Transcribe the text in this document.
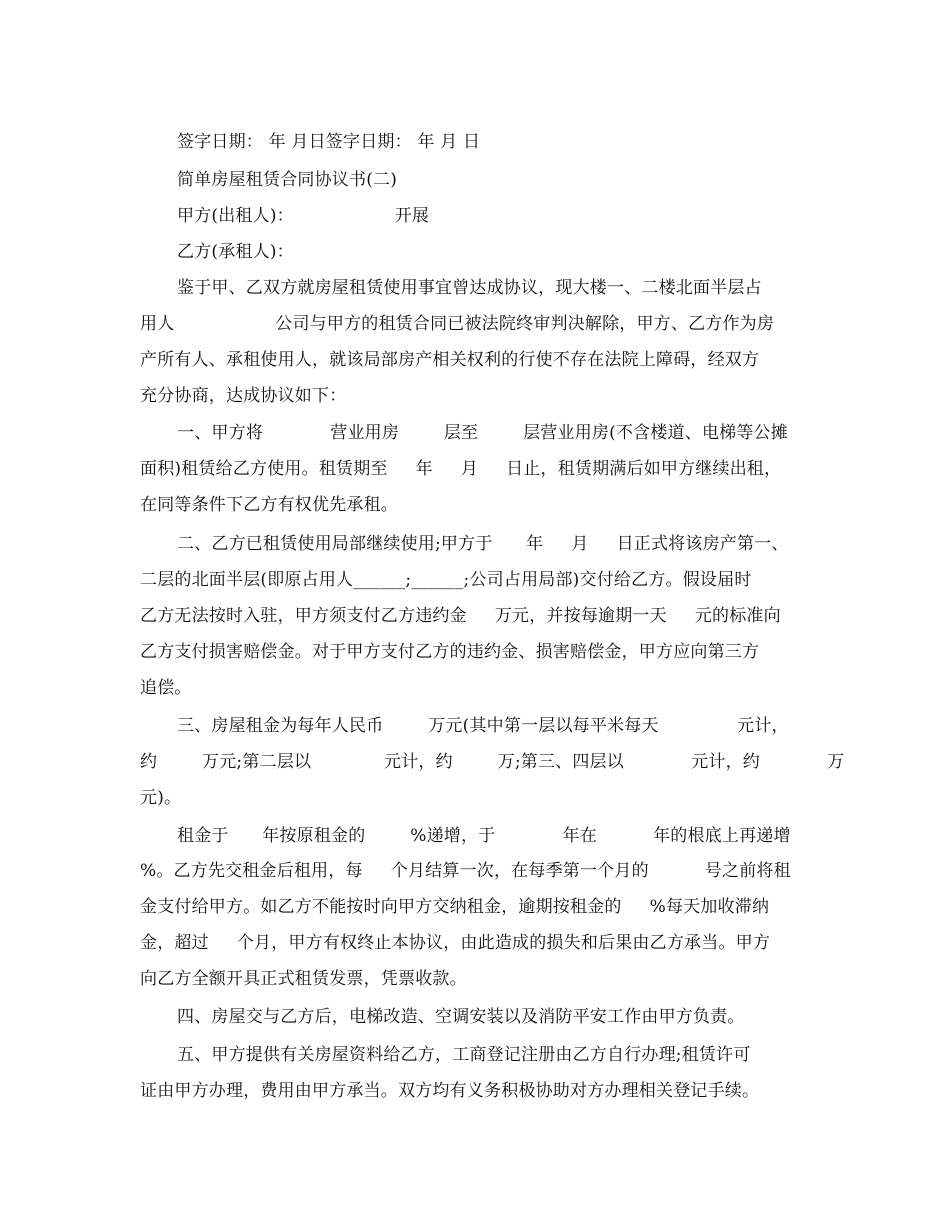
签字日期： 年 月日签字日期： 年 月 日
简单房屋租赁合同协议书(二)
甲方(出租人)：                  开展
乙方(承租人)：
鉴于甲、乙双方就房屋租赁使用事宜曾达成协议，现大楼一、二楼北面半层占
用人                  公司与甲方的租赁合同已被法院终审判决解除，甲方、乙方作为房
产所有人、承租使用人，就该局部房产相关权利的行使不存在法院上障碍，经双方
充分协商，达成协议如下：
一、甲方将            营业用房        层至        层营业用房(不含楼道、电梯等公摊
面积)租赁给乙方使用。租赁期至     年     月     日止，租赁期满后如甲方继续出租，
在同等条件下乙方有权优先承租。
二、乙方已租赁使用局部继续使用;甲方于      年     月     日正式将该房产第一、
二层的北面半层(即原占用人______;______;公司占用局部)交付给乙方。假设届时
乙方无法按时入驻，甲方须支付乙方违约金     万元，并按每逾期一天     元的标准向
乙方支付损害赔偿金。对于甲方支付乙方的违约金、损害赔偿金，甲方应向第三方
追偿。
三、房屋租金为每年人民币        万元(其中第一层以每平米每天              元计，
约        万元;第二层以             元计，约        万;第三、四层以            元计，约            万
元)。
租金于      年按原租金的        %递增，于            年在          年的根底上再递增
%。乙方先交租金后租用，每     个月结算一次，在每季第一个月的          号之前将租
金支付给甲方。如乙方不能按时向甲方交纳租金，逾期按租金的     %每天加收滞纳
金，超过     个月，甲方有权终止本协议，由此造成的损失和后果由乙方承当。甲方
向乙方全额开具正式租赁发票，凭票收款。
四、房屋交与乙方后，电梯改造、空调安装以及消防平安工作由甲方负责。
五、甲方提供有关房屋资料给乙方，工商登记注册由乙方自行办理;租赁许可
证由甲方办理，费用由甲方承当。双方均有义务积极协助对方办理相关登记手续。
